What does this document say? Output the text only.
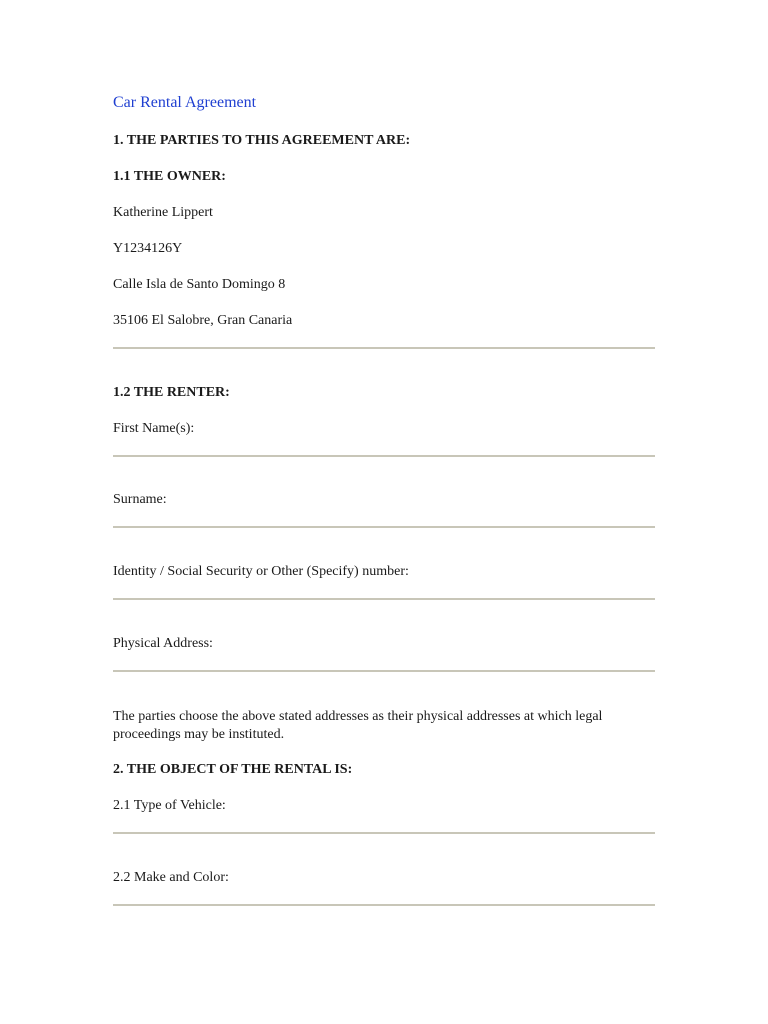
Car Rental Agreement
1. THE PARTIES TO THIS AGREEMENT ARE:
1.1 THE OWNER:
Katherine Lippert
Y1234126Y
Calle Isla de Santo Domingo 8
35106 El Salobre, Gran Canaria
1.2 THE RENTER:
First Name(s):
Surname:
Identity / Social Security or Other (Specify) number:
Physical Address:
The parties choose the above stated addresses as their physical addresses at which legal proceedings may be instituted.
2. THE OBJECT OF THE RENTAL IS:
2.1 Type of Vehicle:
2.2 Make and Color:
